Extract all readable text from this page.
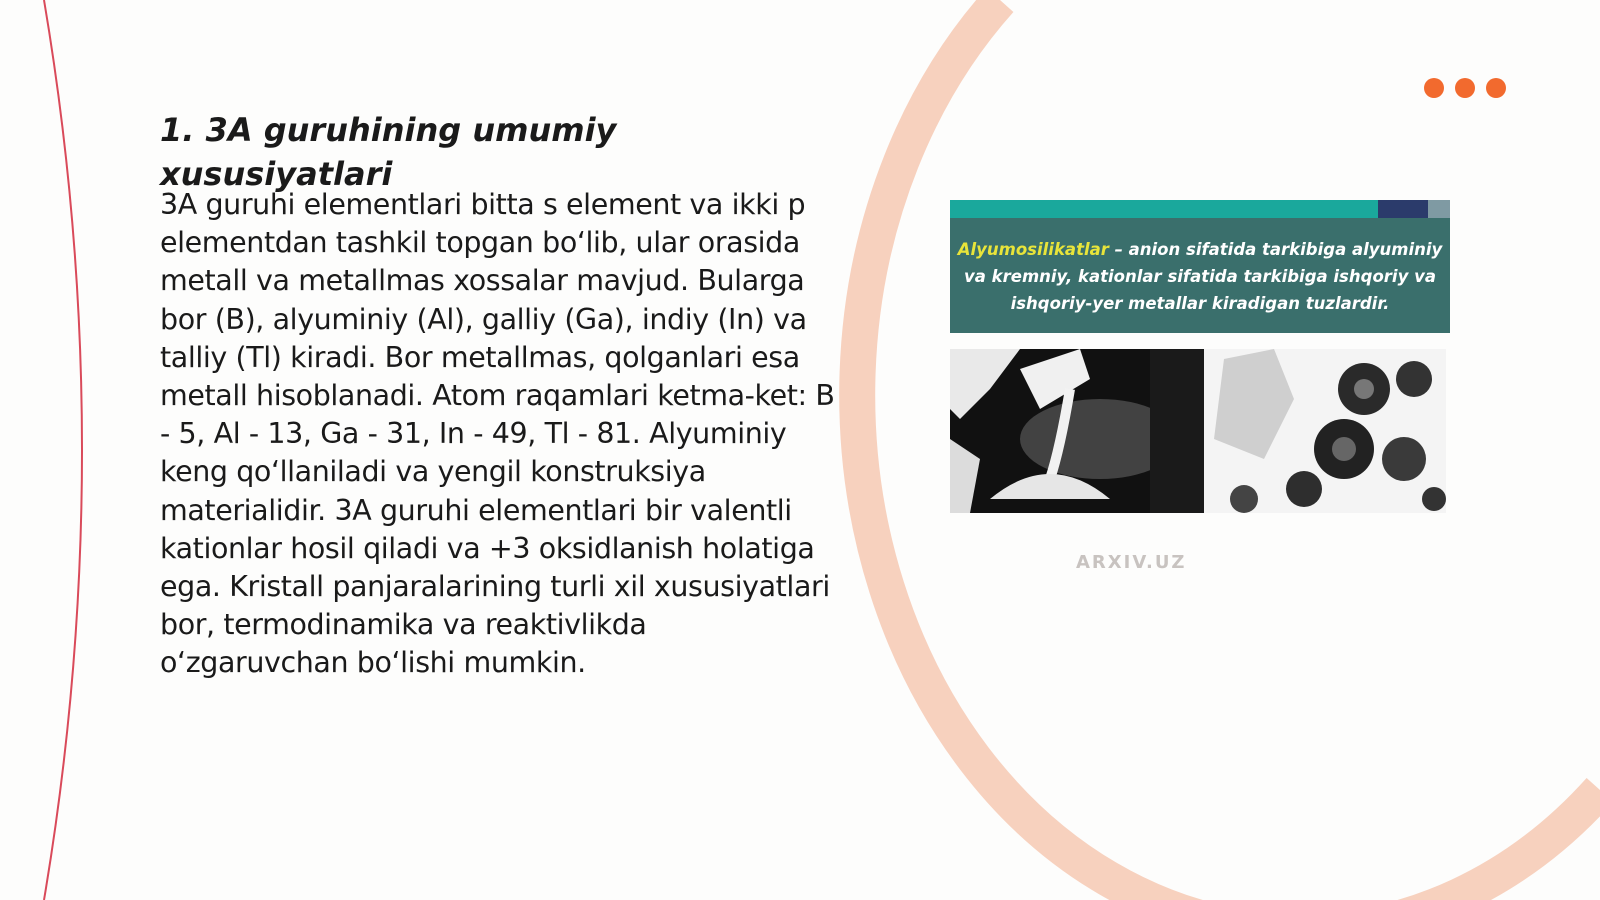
1. 3A guruhining umumiy xususiyatlari

3A guruhi elementlari bitta s element va ikki p elementdan tashkil topgan bo‘lib, ular orasida metall va metallmas xossalar mavjud. Bularga bor (B), alyuminiy (Al), galliy (Ga), indiy (In) va talliy (Tl) kiradi. Bor metallmas, qolganlari esa metall hisoblanadi. Atom raqamlari ketma-ket: B - 5, Al - 13, Ga - 31, In - 49, Tl - 81. Alyuminiy keng qo‘llaniladi va yengil konstruksiya materialidir. 3A guruhi elementlari bir valentli kationlar hosil qiladi va +3 oksidlanish holatiga ega. Kristall panjaralarining turli xil xususiyatlari bor, termodinamika va reaktivlikda o‘zgaruvchan bo‘lishi mumkin.

Alyumosilikatlar – anion sifatida tarkibiga alyuminiy va kremniy, kationlar sifatida tarkibiga ishqoriy va ishqoriy-yer metallar kiradigan tuzlardir.
ARXIV.UZ
